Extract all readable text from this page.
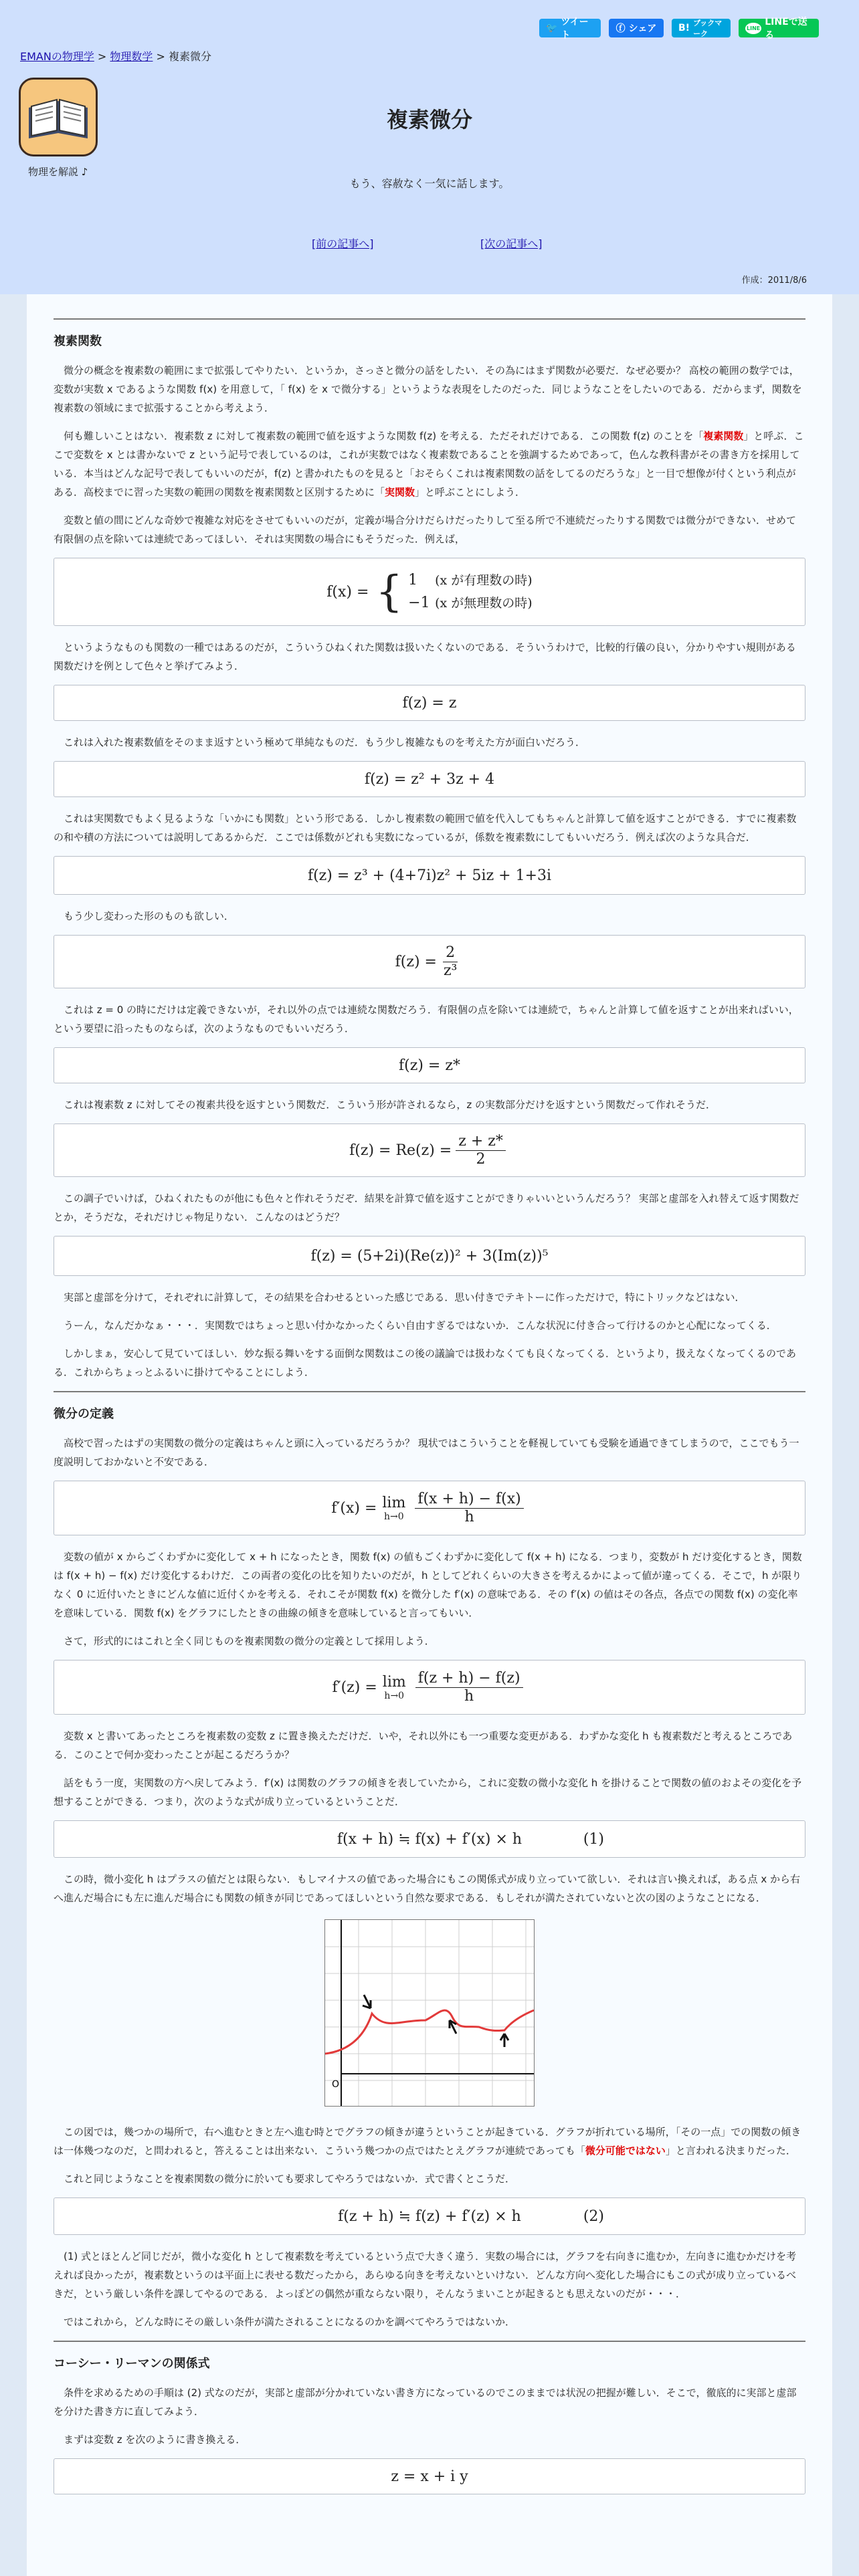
🐦
ツイート
ⓕ シェア B! ブックマーク
LINE
LINEで送る
EMANの物理学 > 物理数学 > 複素微分
物理を解説 ♪
複素微分
もう、容赦なく一気に話します。
[前の記事へ]	[次の記事へ]
作成：2011/8/6
複素関数

微分の概念を複素数の範囲にまで拡張してやりたい．というか，さっさと微分の話をしたい．その為にはまず関数が必要だ．なぜ必要か？ 高校の範囲の数学では，変数が実数 x であるような関数 f(x) を用意して，「 f(x) を x で微分する」というような表現をしたのだった．同じようなことをしたいのである．だからまず，関数を複素数の領域にまで拡張することから考えよう．

何も難しいことはない．複素数 z に対して複素数の範囲で値を返すような関数 f(z) を考える．ただそれだけである．この関数 f(z) のことを「複素関数」と呼ぶ．ここで変数を x とは書かないで z という記号で表しているのは，これが実数ではなく複素数であることを強調するためであって，色んな教科書がその書き方を採用している．本当はどんな記号で表してもいいのだが，f(z) と書かれたものを見ると「おそらくこれは複素関数の話をしてるのだろうな」と一目で想像が付くという利点がある．高校までに習った実数の範囲の関数を複素関数と区別するために「実関数」と呼ぶことにしよう．

変数と値の間にどんな奇妙で複雑な対応をさせてもいいのだが，定義が場合分けだらけだったりして至る所で不連続だったりする関数では微分ができない．せめて有限個の点を除いては連続であってほしい．それは実関数の場合にもそうだった．例えば，

f(x) = { 1 (x が有理数の時)
−1 (x が無理数の時)

というようなものも関数の一種ではあるのだが，こういうひねくれた関数は扱いたくないのである．そういうわけで，比較的行儀の良い，分かりやすい規則がある関数だけを例として色々と挙げてみよう．

f(z) = z

これは入れた複素数値をそのまま返すという極めて単純なものだ．もう少し複雑なものを考えた方が面白いだろう．

f(z) = z² + 3z + 4

これは実関数でもよく見るような「いかにも関数」という形である．しかし複素数の範囲で値を代入してもちゃんと計算して値を返すことができる．すでに複素数の和や積の方法については説明してあるからだ．ここでは係数がどれも実数になっているが，係数を複素数にしてもいいだろう．例えば次のような具合だ．

f(z) = z³ + (4+7i)z² + 5iz + 1+3i

もう少し変わった形のものも欲しい．

$f(z) = \frac{2}{\text{z³}}$

これは z = 0 の時にだけは定義できないが，それ以外の点では連続な関数だろう．有限個の点を除いては連続で，ちゃんと計算して値を返すことが出来ればいい，という要望に沿ったものならば，次のようなものでもいいだろう．

f(z) = z*

これは複素数 z に対してその複素共役を返すという関数だ．こういう形が許されるなら，z の実数部分だけを返すという関数だって作れそうだ．

$f(z) = Re(z) = \frac{z + z*}{2}$

この調子でいけば，ひねくれたものが他にも色々と作れそうだぞ．結果を計算で値を返すことができりゃいいというんだろう？ 実部と虚部を入れ替えて返す関数だとか，そうだな，それだけじゃ物足りない．こんなのはどうだ？

f(z) = (5+2i)(Re(z))² + 3(Im(z))⁵

実部と虚部を分けて，それぞれに計算して，その結果を合わせるといった感じである．思い付きでテキトーに作っただけで，特にトリックなどはない．

うーん，なんだかなぁ・・・．実関数ではちょっと思い付かなかったくらい自由すぎるではないか．こんな状況に付き合って行けるのかと心配になってくる．

しかしまぁ，安心して見ていてほしい．妙な振る舞いをする面倒な関数はこの後の議論では扱わなくても良くなってくる．というより，扱えなくなってくるのである．これからちょっとふるいに掛けてやることにしよう．

微分の定義

高校で習ったはずの実関数の微分の定義はちゃんと頭に入っているだろうか？ 現状ではこういうことを軽視していても受験を通過できてしまうので，ここでもう一度説明しておかないと不安である．

f′(x) = lim
$h\to 0 \frac{f(x + h) - f(x)}{h}$

変数の値が x からごくわずかに変化して x + h になったとき，関数 f(x) の値もごくわずかに変化して f(x + h) になる．つまり，変数が h だけ変化するとき，関数は f(x + h) − f(x) だけ変化するわけだ．この両者の変化の比を知りたいのだが，h としてどれくらいの大きさを考えるかによって値が違ってくる．そこで，h が限りなく 0 に近付いたときにどんな値に近付くかを考える．それこそが関数 f(x) を微分した f′(x) の意味である．その f′(x) の値はその各点，各点での関数 f(x) の変化率を意味している．関数 f(x) をグラフにしたときの曲線の傾きを意味していると言ってもいい．

さて，形式的にはこれと全く同じものを複素関数の微分の定義として採用しよう．

f′(z) = lim
$h\to 0 \frac{f(z + h) - f(z)}{h}$

変数 x と書いてあったところを複素数の変数 z に置き換えただけだ．いや，それ以外にも一つ重要な変更がある．わずかな変化 h も複素数だと考えるところである．このことで何か変わったことが起こるだろうか？

話をもう一度，実関数の方へ戻してみよう．f′(x) は関数のグラフの傾きを表していたから，これに変数の微小な変化 h を掛けることで関数の値のおよその変化を予想することができる．つまり，次のような式が成り立っているということだ．

f(x + h) ≒ f(x) + f′(x) × h	(1)

この時，微小変化 h はプラスの値だとは限らない．もしマイナスの値であった場合にもこの関係式が成り立っていて欲しい．それは言い換えれば，ある点 x から右へ進んだ場合にも左に進んだ場合にも関数の傾きが同じであってほしいという自然な要求である．もしそれが満たされていないと次の図のようなことになる．

O

この図では，幾つかの場所で，右へ進むときと左へ進む時とでグラフの傾きが違うということが起きている．グラフが折れている場所，「その一点」での関数の傾きは一体幾つなのだ，と問われると，答えることは出来ない．こういう幾つかの点ではたとえグラフが連続であっても「微分可能ではない」と言われる決まりだった．

これと同じようなことを複素関数の微分に於いても要求してやろうではないか．式で書くとこうだ．

f(z + h) ≒ f(z) + f′(z) × h	(2)

(1) 式とほとんど同じだが，微小な変化 h として複素数を考えているという点で大きく違う．実数の場合には，グラフを右向きに進むか，左向きに進むかだけを考えれば良かったが，複素数というのは平面上に表せる数だったから，あらゆる向きを考えないといけない．どんな方向へ変化した場合にもこの式が成り立っているべきだ，という厳しい条件を課してやるのである．よっぽどの偶然が重ならない限り，そんなうまいことが起きるとも思えないのだが・・・．

ではこれから，どんな時にその厳しい条件が満たされることになるのかを調べてやろうではないか．

コーシー・リーマンの関係式

条件を求めるための手順は (2) 式なのだが，実部と虚部が分かれていない書き方になっているのでこのままでは状況の把握が難しい．そこで，徹底的に実部と虚部を分けた書き方に直してみよう．

まずは変数 z を次のように書き換える．

z = x + i y
